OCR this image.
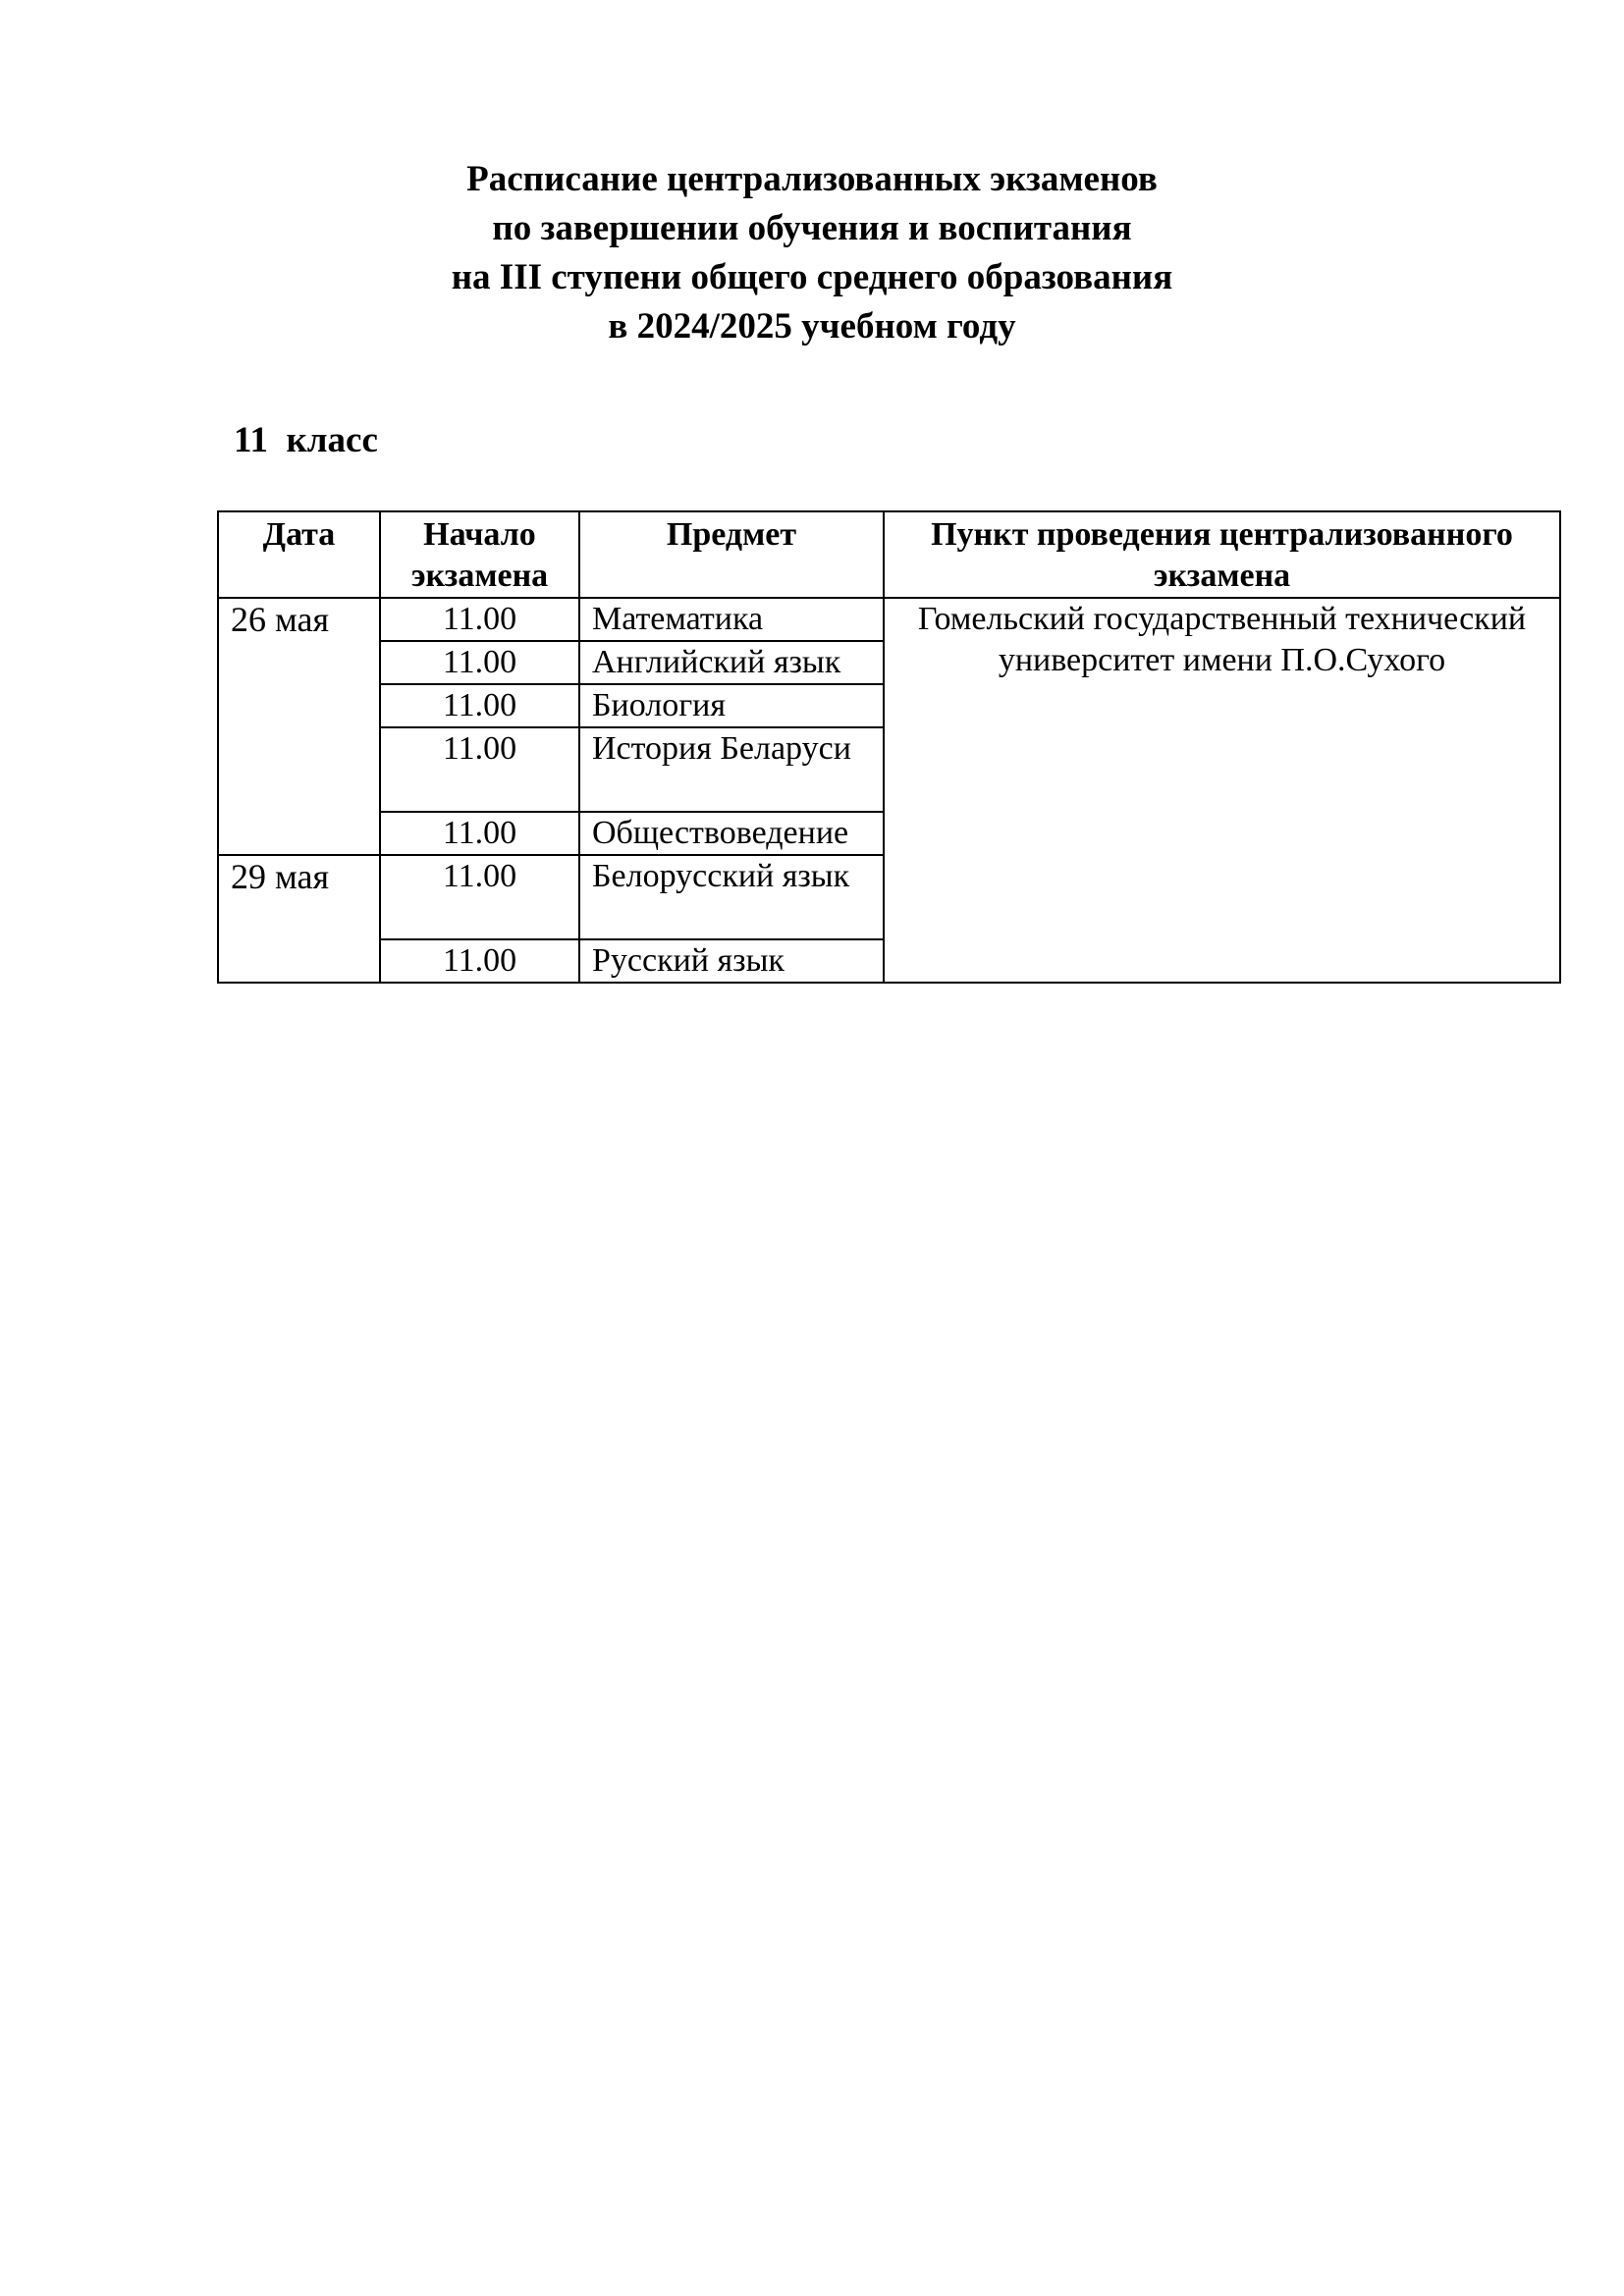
Расписание централизованных экзаменов
по завершении обучения и воспитания
на III ступени общего среднего образования
в 2024/2025 учебном году
11  класс
Дата	Начало экзамена	Предмет	Пункт проведения централизованного экзамена
26 мая	11.00	Математика	Гомельский государственный технический университет имени П.О.Сухого
	11.00	Английский язык	
	11.00	Биология	
	11.00	История Беларуси	
	11.00	Обществоведение	
29 мая	11.00	Белорусский язык	
	11.00	Русский язык	
